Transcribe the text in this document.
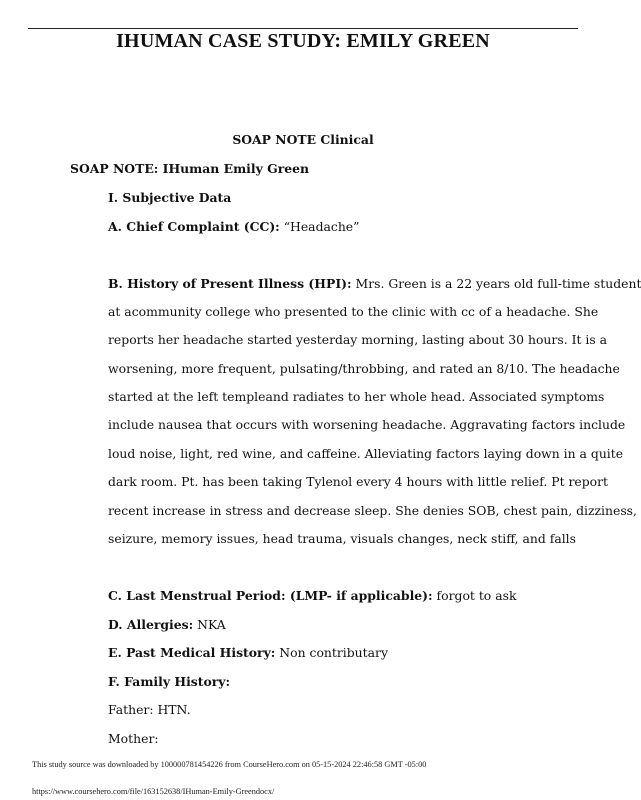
IHUMAN CASE STUDY: EMILY GREEN
SOAP NOTE Clinical
SOAP NOTE: IHuman Emily Green
I. Subjective Data
A. Chief Complaint (CC): “Headache”
B. History of Present Illness (HPI): Mrs. Green is a 22 years old full-time student
at acommunity college who presented to the clinic with cc of a headache. She
reports her headache started yesterday morning, lasting about 30 hours. It is a
worsening, more frequent, pulsating/throbbing, and rated an 8/10. The headache
started at the left templeand radiates to her whole head. Associated symptoms
include nausea that occurs with worsening headache. Aggravating factors include
loud noise, light, red wine, and caffeine. Alleviating factors laying down in a quite
dark room. Pt. has been taking Tylenol every 4 hours with little relief. Pt report
recent increase in stress and decrease sleep. She denies SOB, chest pain, dizziness,
seizure, memory issues, head trauma, visuals changes, neck stiff, and falls
C. Last Menstrual Period: (LMP- if applicable): forgot to ask
D. Allergies: NKA
E. Past Medical History: Non contributary
F. Family History:
Father: HTN.
Mother:
This study source was downloaded by 100000781454226 from CourseHero.com on 05-15-2024 22:46:58 GMT -05:00
https://www.coursehero.com/file/163152638/IHuman-Emily-Greendocx/
